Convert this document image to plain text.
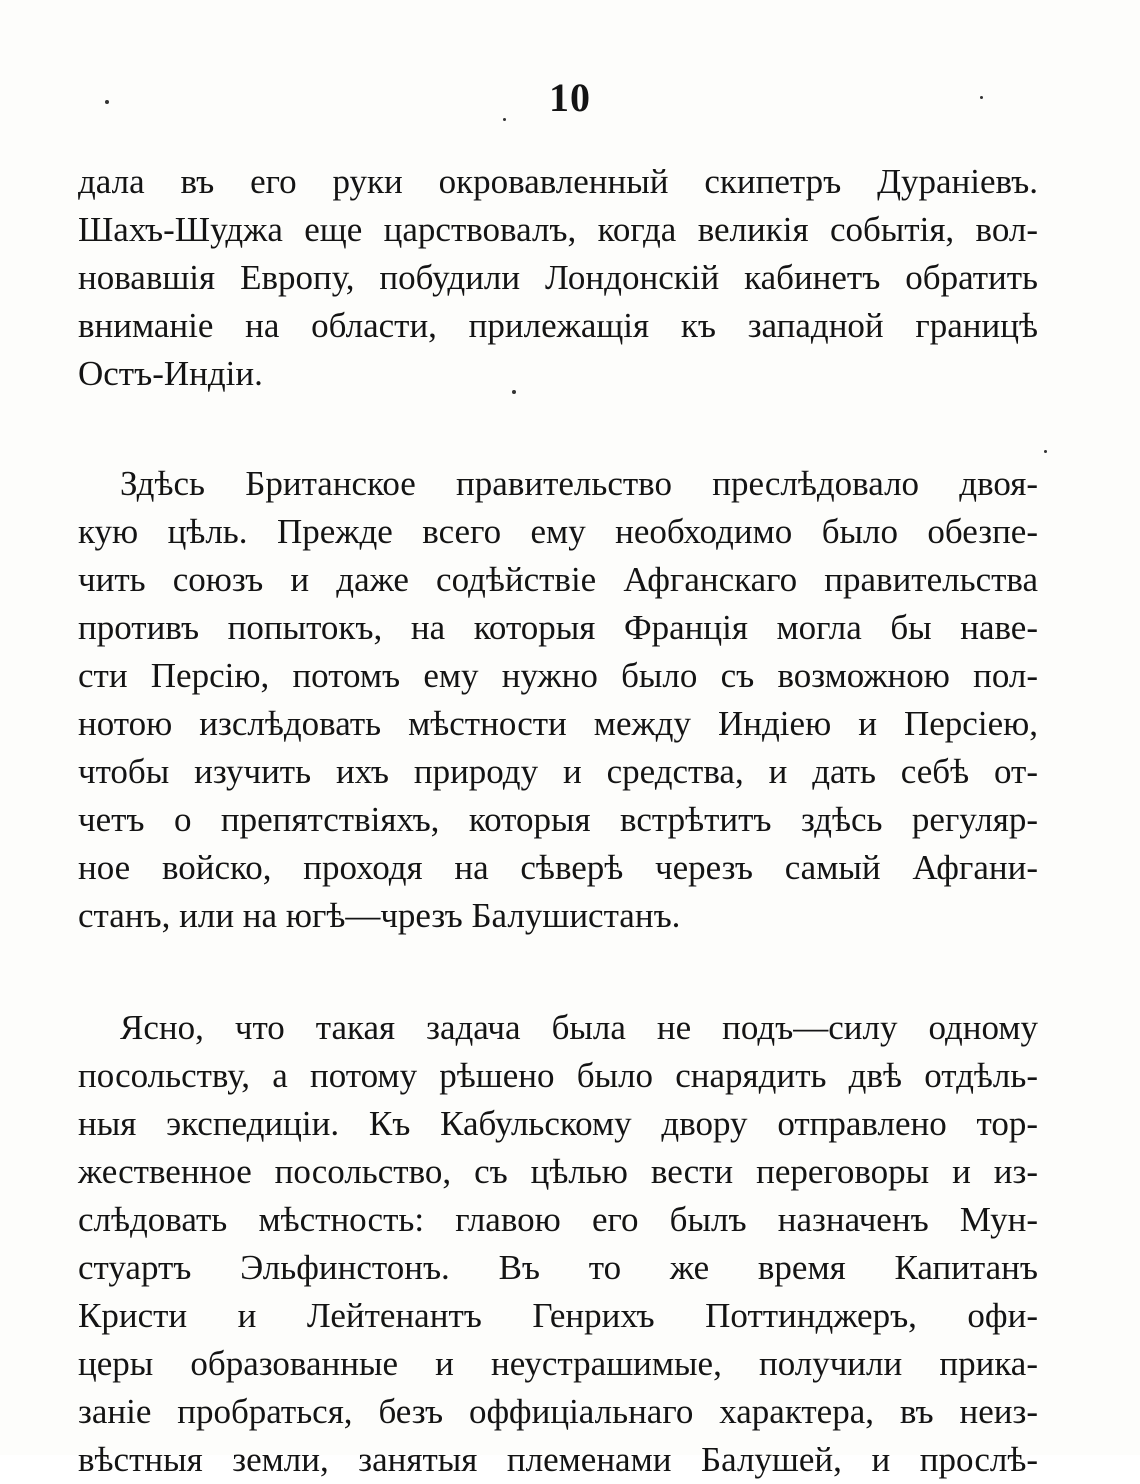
10
дала въ его руки окровавленный скипетръ Дураніевъ.
Шахъ-Шуджа еще царствовалъ, когда великія событія, вол-
новавшія Европу, побудили Лондонскій кабинетъ обратить
вниманіе на области, прилежащія къ западной границѣ
Остъ-Индіи.
Здѣсь Британское правительство преслѣдовало двоя-
кую цѣль. Прежде всего ему необходимо было обезпе-
чить союзъ и даже содѣйствіе Афганскаго правительства
противъ попытокъ, на которыя Франція могла бы наве-
сти Персію, потомъ ему нужно было съ возможною пол-
нотою изслѣдовать мѣстности между Индіею и Персіею,
чтобы изучить ихъ природу и средства, и дать себѣ от-
четъ о препятствіяхъ, которыя встрѣтитъ здѣсь регуляр-
ное войско, проходя на сѣверѣ черезъ самый Афгани-
станъ, или на югѣ—чрезъ Балушистанъ.
Ясно, что такая задача была не подъ—силу одному
посольству, а потому рѣшено было снарядить двѣ отдѣль-
ныя экспедиціи. Къ Кабульскому двору отправлено тор-
жественное посольство, съ цѣлью вести переговоры и из-
слѣдовать мѣстность: главою его былъ назначенъ Мун-
стуартъ Эльфинстонъ. Въ то же время Капитанъ
Кристи и Лейтенантъ Генрихъ Поттинджеръ, офи-
церы образованные и неустрашимые, получили прика-
заніе пробраться, безъ оффиціальнаго характера, въ неиз-
вѣстныя земли, занятыя племенами Балушей, и прослѣ-
